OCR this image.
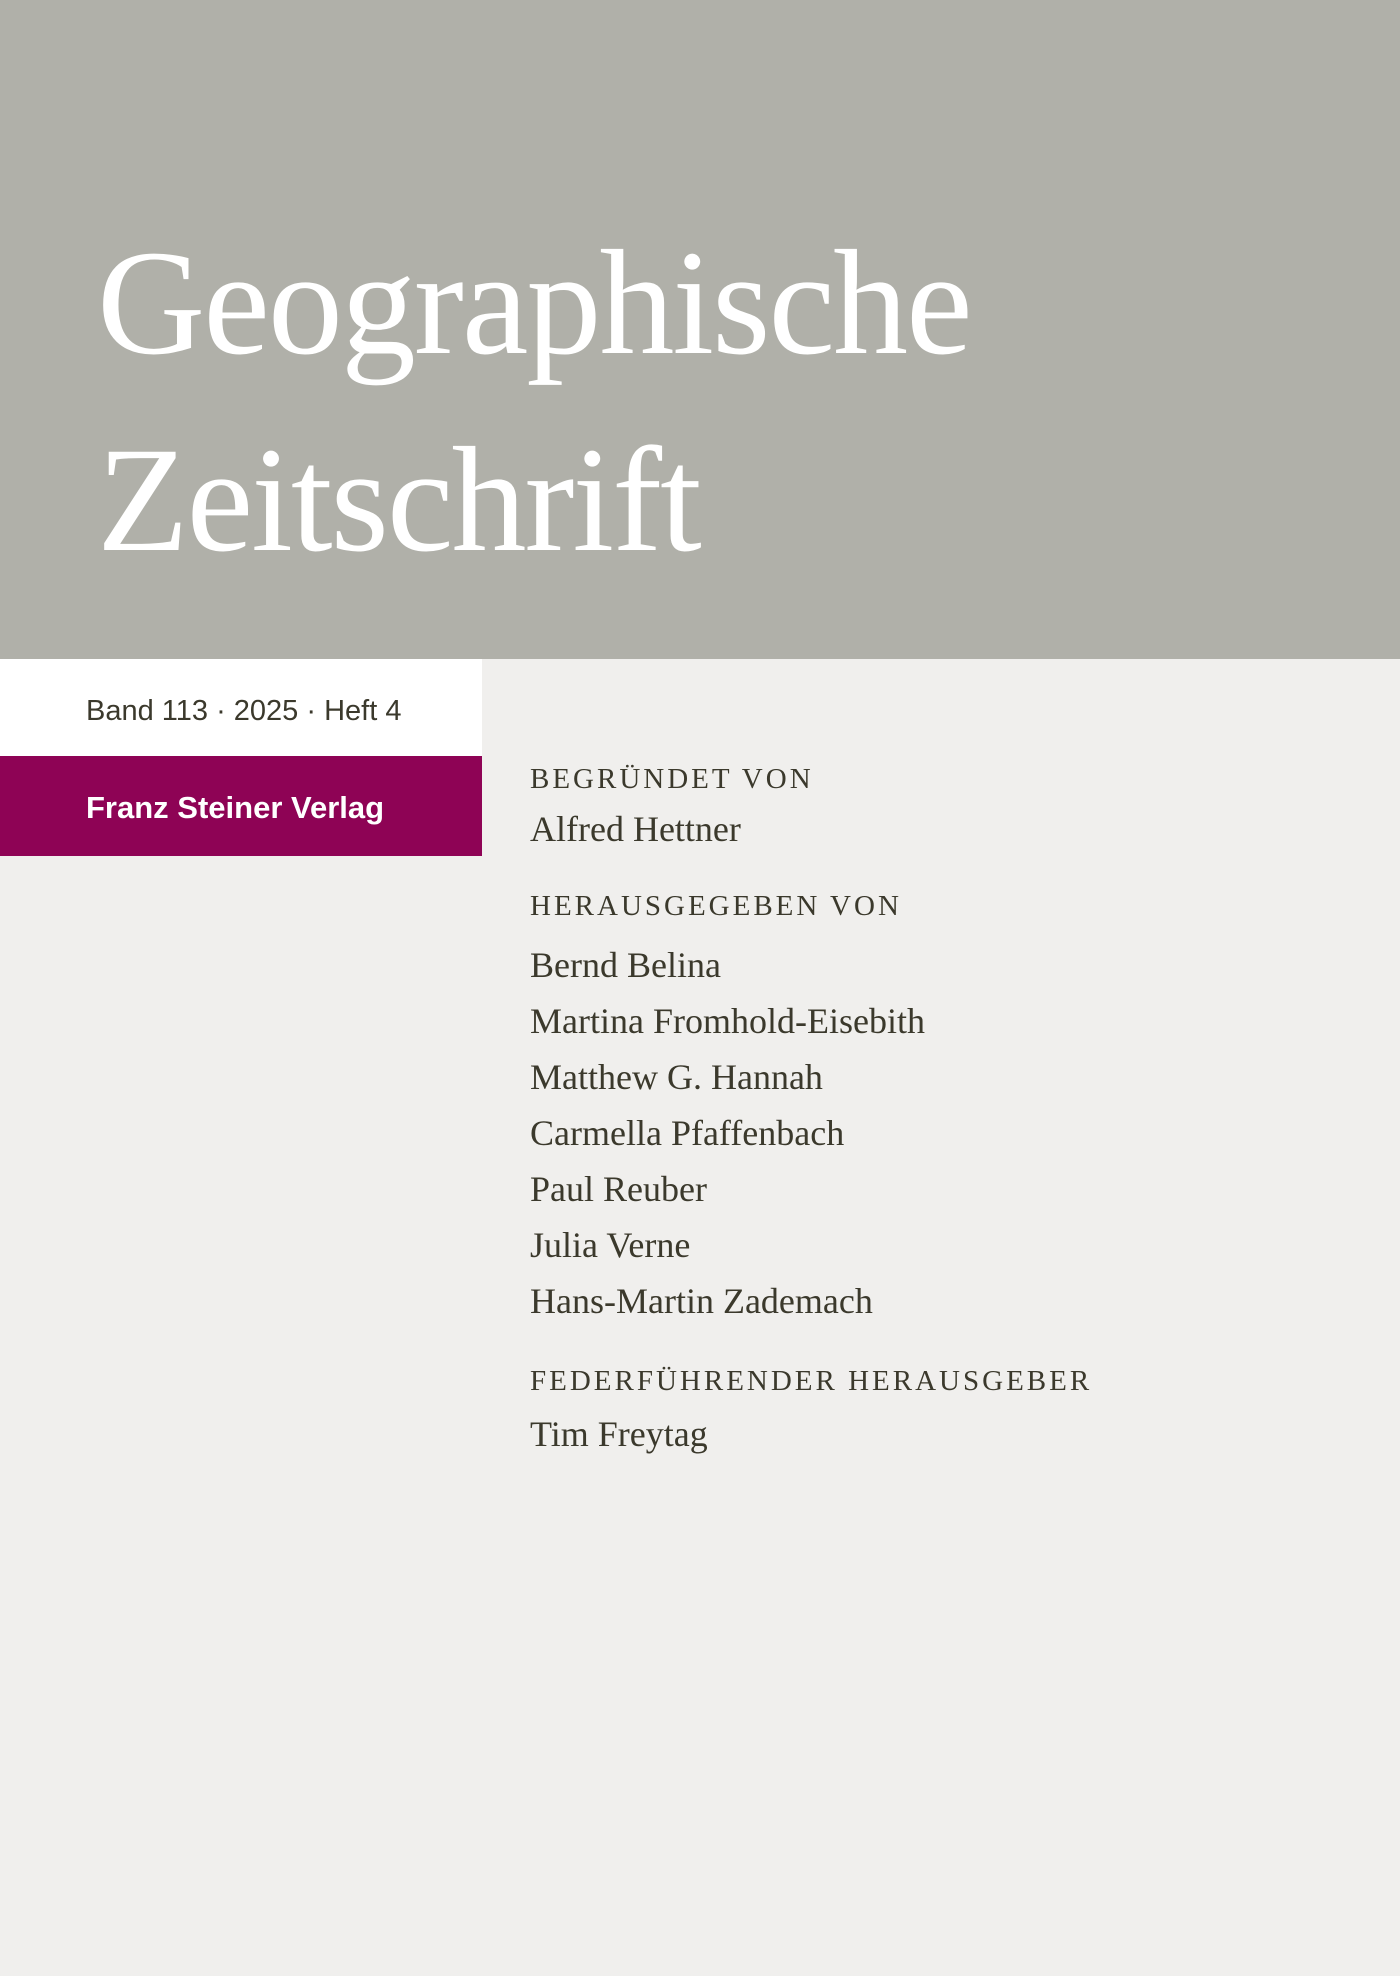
Geographische
Zeitschrift
Band 113 · 2025 · Heft 4
Franz Steiner Verlag
BEGRÜNDET VON
Alfred Hettner
HERAUSGEGEBEN VON
Bernd Belina
Martina Fromhold-Eisebith
Matthew G. Hannah
Carmella Pfaffenbach
Paul Reuber
Julia Verne
Hans-Martin Zademach
FEDERFÜHRENDER HERAUSGEBER
Tim Freytag
